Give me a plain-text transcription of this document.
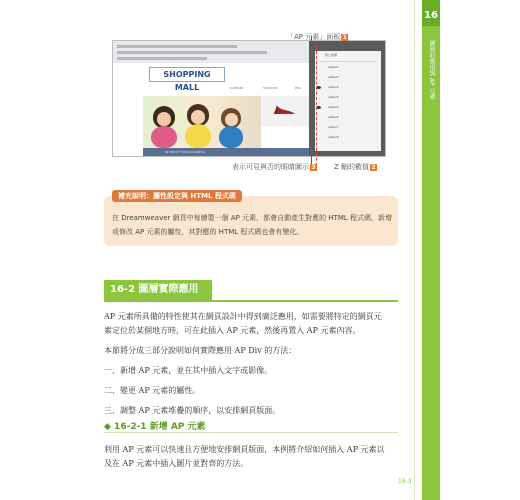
16
圖層的應用與 AP 元素
SHOPPING MALL	COMPANY	SERVICES	PRO
IN WHICH YOUR BUSINESS
防止重疊
apDiv1
apDiv2
apDiv3
apDiv4
apDiv5
apDiv6
apDiv7
apDiv8
「AP 元素」面板 1
表示可見與否的眼睛圖示 3	Z 軸的數值 2
補充說明：屬性設定與 HTML 程式碼
在 Dreamweaver 網頁中每繪製一個 AP 元素，都會自動產生對應的 HTML 程式碼，新增
或修改 AP 元素的屬性，其對應的 HTML 程式碼也會有變化。
16-2 圖層實際應用
AP 元素所具備的特性使其在網頁設計中得到廣泛應用，如需要將特定的網頁元
素定位於某個地方時，可在此插入 AP 元素，然後再置入 AP 元素內容。
本節將分成三部分說明如何實際應用 AP Div 的方法：
一、新增 AP 元素，並在其中插入文字或影像。
二、變更 AP 元素的屬性。
三、調整 AP 元素堆疊的順序，以安排網頁版面。
◆ 16-2-1 新增 AP 元素
利用 AP 元素可以快速且方便地安排網頁版面，本例將介紹如何插入 AP 元素以
及在 AP 元素中插入圖片並對齊的方法。
16-3
